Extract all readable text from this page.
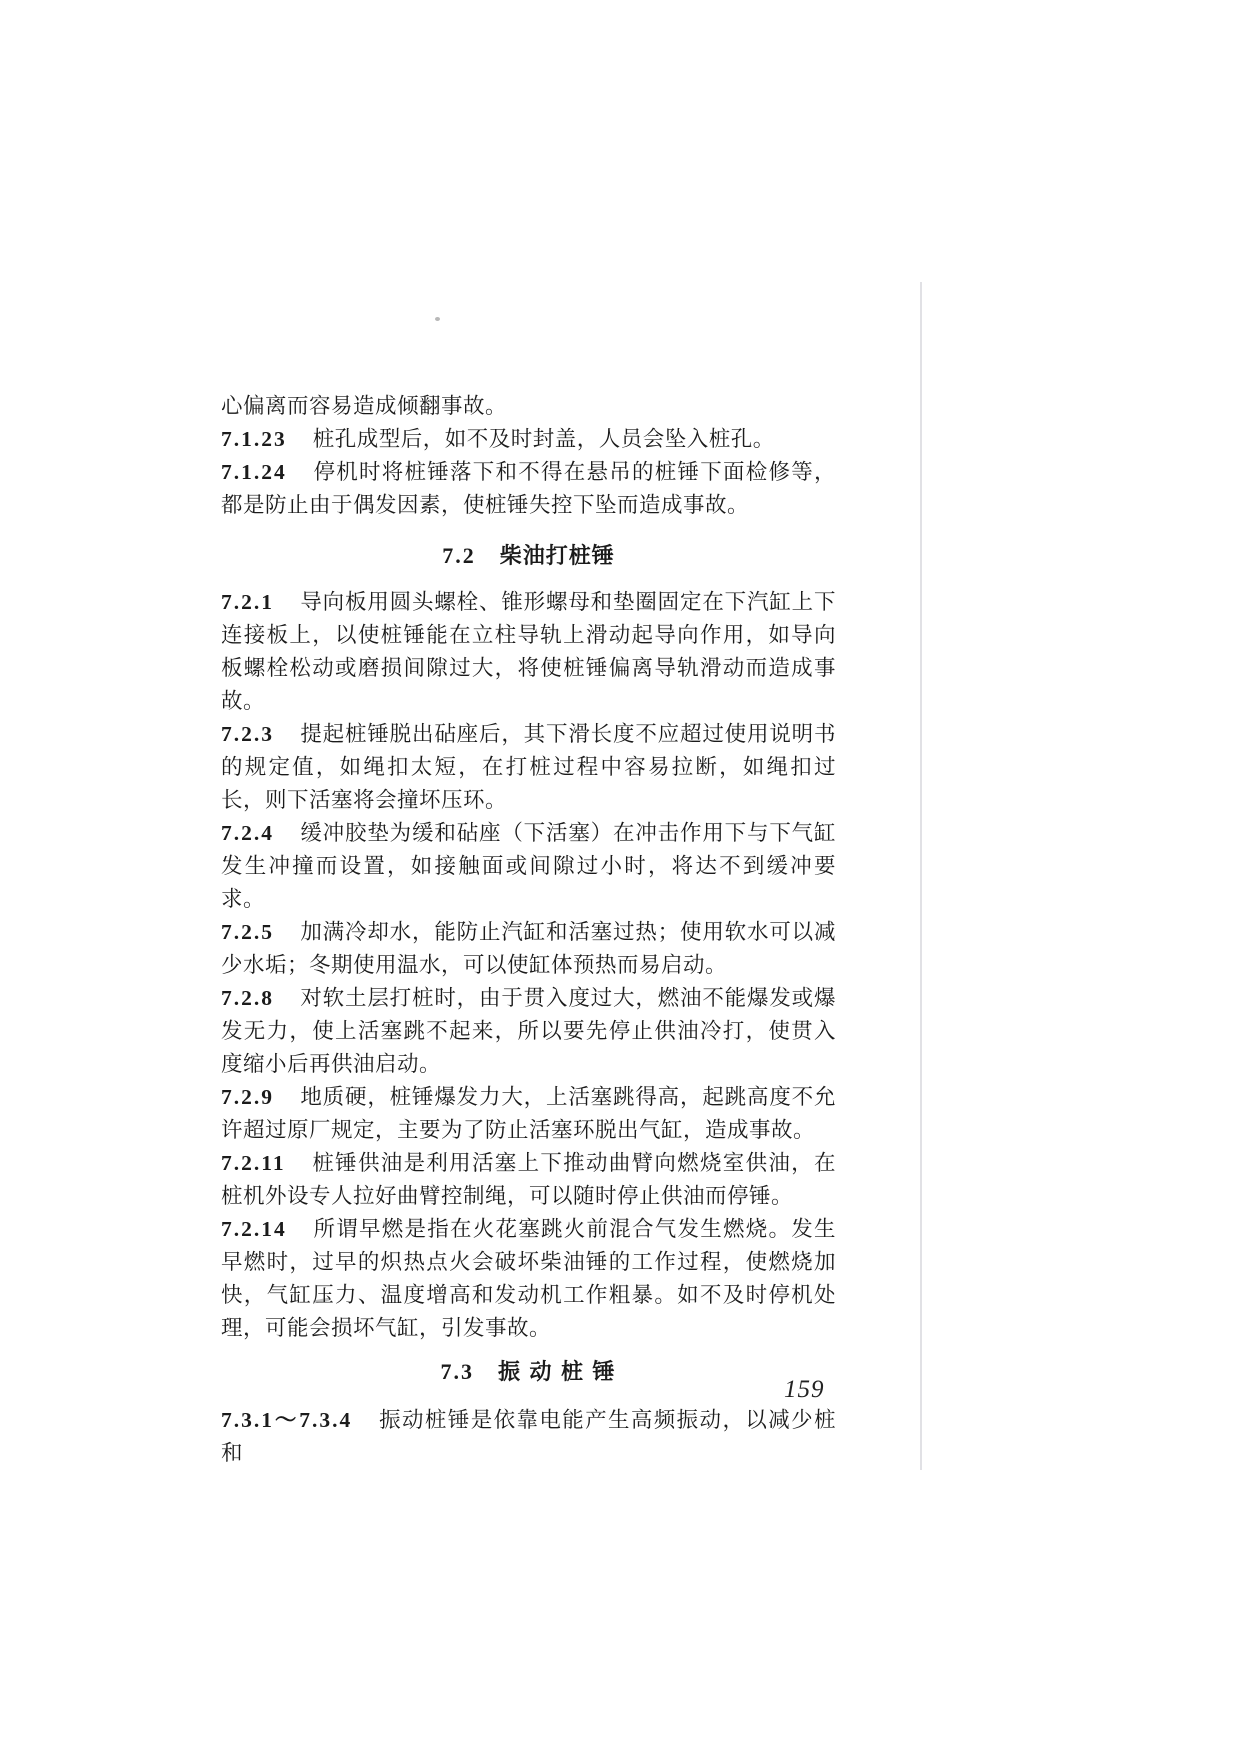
心偏离而容易造成倾翻事故。

7.1.23 桩孔成型后，如不及时封盖，人员会坠入桩孔。

7.1.24 停机时将桩锤落下和不得在悬吊的桩锤下面检修等，都是防止由于偶发因素，使桩锤失控下坠而造成事故。

7.2 柴油打桩锤

7.2.1 导向板用圆头螺栓、锥形螺母和垫圈固定在下汽缸上下连接板上，以使桩锤能在立柱导轨上滑动起导向作用，如导向板螺栓松动或磨损间隙过大，将使桩锤偏离导轨滑动而造成事故。

7.2.3 提起桩锤脱出砧座后，其下滑长度不应超过使用说明书的规定值，如绳扣太短，在打桩过程中容易拉断，如绳扣过长，则下活塞将会撞坏压环。

7.2.4 缓冲胶垫为缓和砧座（下活塞）在冲击作用下与下气缸发生冲撞而设置，如接触面或间隙过小时，将达不到缓冲要求。

7.2.5 加满冷却水，能防止汽缸和活塞过热；使用软水可以减少水垢；冬期使用温水，可以使缸体预热而易启动。

7.2.8 对软土层打桩时，由于贯入度过大，燃油不能爆发或爆发无力，使上活塞跳不起来，所以要先停止供油冷打，使贯入度缩小后再供油启动。

7.2.9 地质硬，桩锤爆发力大，上活塞跳得高，起跳高度不允许超过原厂规定，主要为了防止活塞环脱出气缸，造成事故。

7.2.11 桩锤供油是利用活塞上下推动曲臂向燃烧室供油，在桩机外设专人拉好曲臂控制绳，可以随时停止供油而停锤。

7.2.14 所谓早燃是指在火花塞跳火前混合气发生燃烧。发生早燃时，过早的炽热点火会破坏柴油锤的工作过程，使燃烧加快，气缸压力、温度增高和发动机工作粗暴。如不及时停机处理，可能会损坏气缸，引发事故。

7.3 振 动 桩 锤

7.3.1～7.3.4 振动桩锤是依靠电能产生高频振动，以减少桩和

159
